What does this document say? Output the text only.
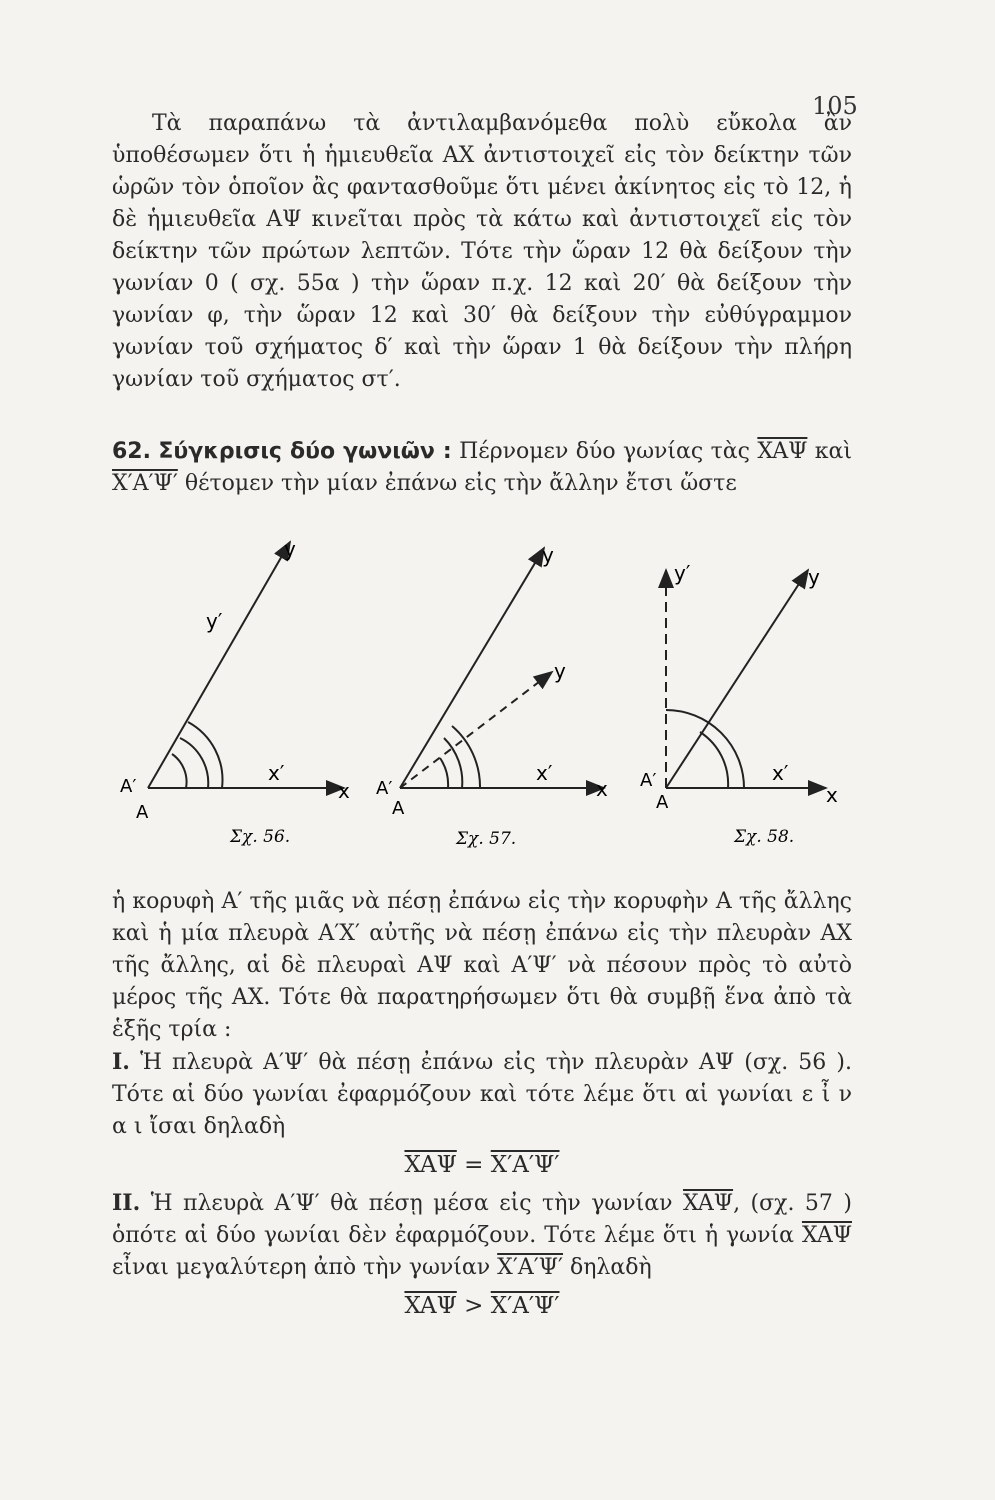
105
Τὰ παραπάνω τὰ ἀντιλαμβανόμεθα πολὺ εὔκολα ἂν ὑποθέσωμεν ὅτι ἡ ἡμιευθεῖα AX ἀντιστοιχεῖ εἰς τὸν δείκτην τῶν ὡρῶν τὸν ὁποῖον ἂς φαντασθοῦμε ὅτι μένει ἀκίνητος εἰς τὸ 12, ἡ δὲ ἡμιευθεῖα AΨ κινεῖται πρὸς τὰ κάτω καὶ ἀντιστοιχεῖ εἰς τὸν δείκτην τῶν πρώτων λεπτῶν. Τότε τὴν ὥραν 12 θὰ δείξουν τὴν γωνίαν 0 ( σχ. 55α ) τὴν ὥραν π.χ. 12 καὶ 20′ θὰ δείξουν τὴν γωνίαν φ, τὴν ὥραν 12 καὶ 30′ θὰ δείξουν τὴν εὐθύγραμμον γωνίαν τοῦ σχήματος δ′ καὶ τὴν ὥραν 1 θὰ δείξουν τὴν πλήρη γωνίαν τοῦ σχήματος στ′.
62. Σύγκρισις δύο γωνιῶν : Πέρνομεν δύο γωνίας τὰς $\overline{XA\Psi}$ καὶ X′A′Ψ′ θέτομεν τὴν μίαν ἐπάνω εἰς τὴν ἄλλην ἔτσι ὥστε
y
y′
x′
x
A′
A
Σχ. 56.
y
y
x′
x
A′
A
Σχ. 57.
y′	y
x′
x
A′
A
Σχ. 58.

ἡ κορυφὴ A′ τῆς μιᾶς νὰ πέσῃ ἐπάνω εἰς τὴν κορυφὴν A τῆς ἄλλης καὶ ἡ μία πλευρὰ A′X′ αὐτῆς νὰ πέσῃ ἐπάνω εἰς τὴν πλευρὰν AX τῆς ἄλλης, αἱ δὲ πλευραὶ AΨ καὶ A′Ψ′ νὰ πέσουν πρὸς τὸ αὐτὸ μέρος τῆς AX. Τότε θὰ παρατηρήσωμεν ὅτι θὰ συμβῇ ἕνα ἀπὸ τὰ ἑξῆς τρία :

I. Ἡ πλευρὰ A′Ψ′ θὰ πέσῃ ἐπάνω εἰς τὴν πλευρὰν AΨ (σχ. 56 ). Τότε αἱ δύο γωνίαι ἐφαρμόζουν καὶ τότε λέμε ὅτι αἱ γωνίαι ε ἶ ν α ι ἴσαι δηλαδὴ

$\overline{XA\Psi} = X'A'\Psi'$

II. Ἡ πλευρὰ A′Ψ′ θὰ πέσῃ μέσα εἰς τὴν γωνίαν $\overline{XA\Psi}$, (σχ. 57 ) ὁπότε αἱ δύο γωνίαι δὲν ἐφαρμόζουν. Τότε λέμε ὅτι ἡ γωνία $\overline{XA\Psi}$ εἶναι μεγαλύτερη ἀπὸ τὴν γωνίαν X′A′Ψ′ δηλαδὴ

$\overline{XA\Psi} > X'A'\Psi'$
